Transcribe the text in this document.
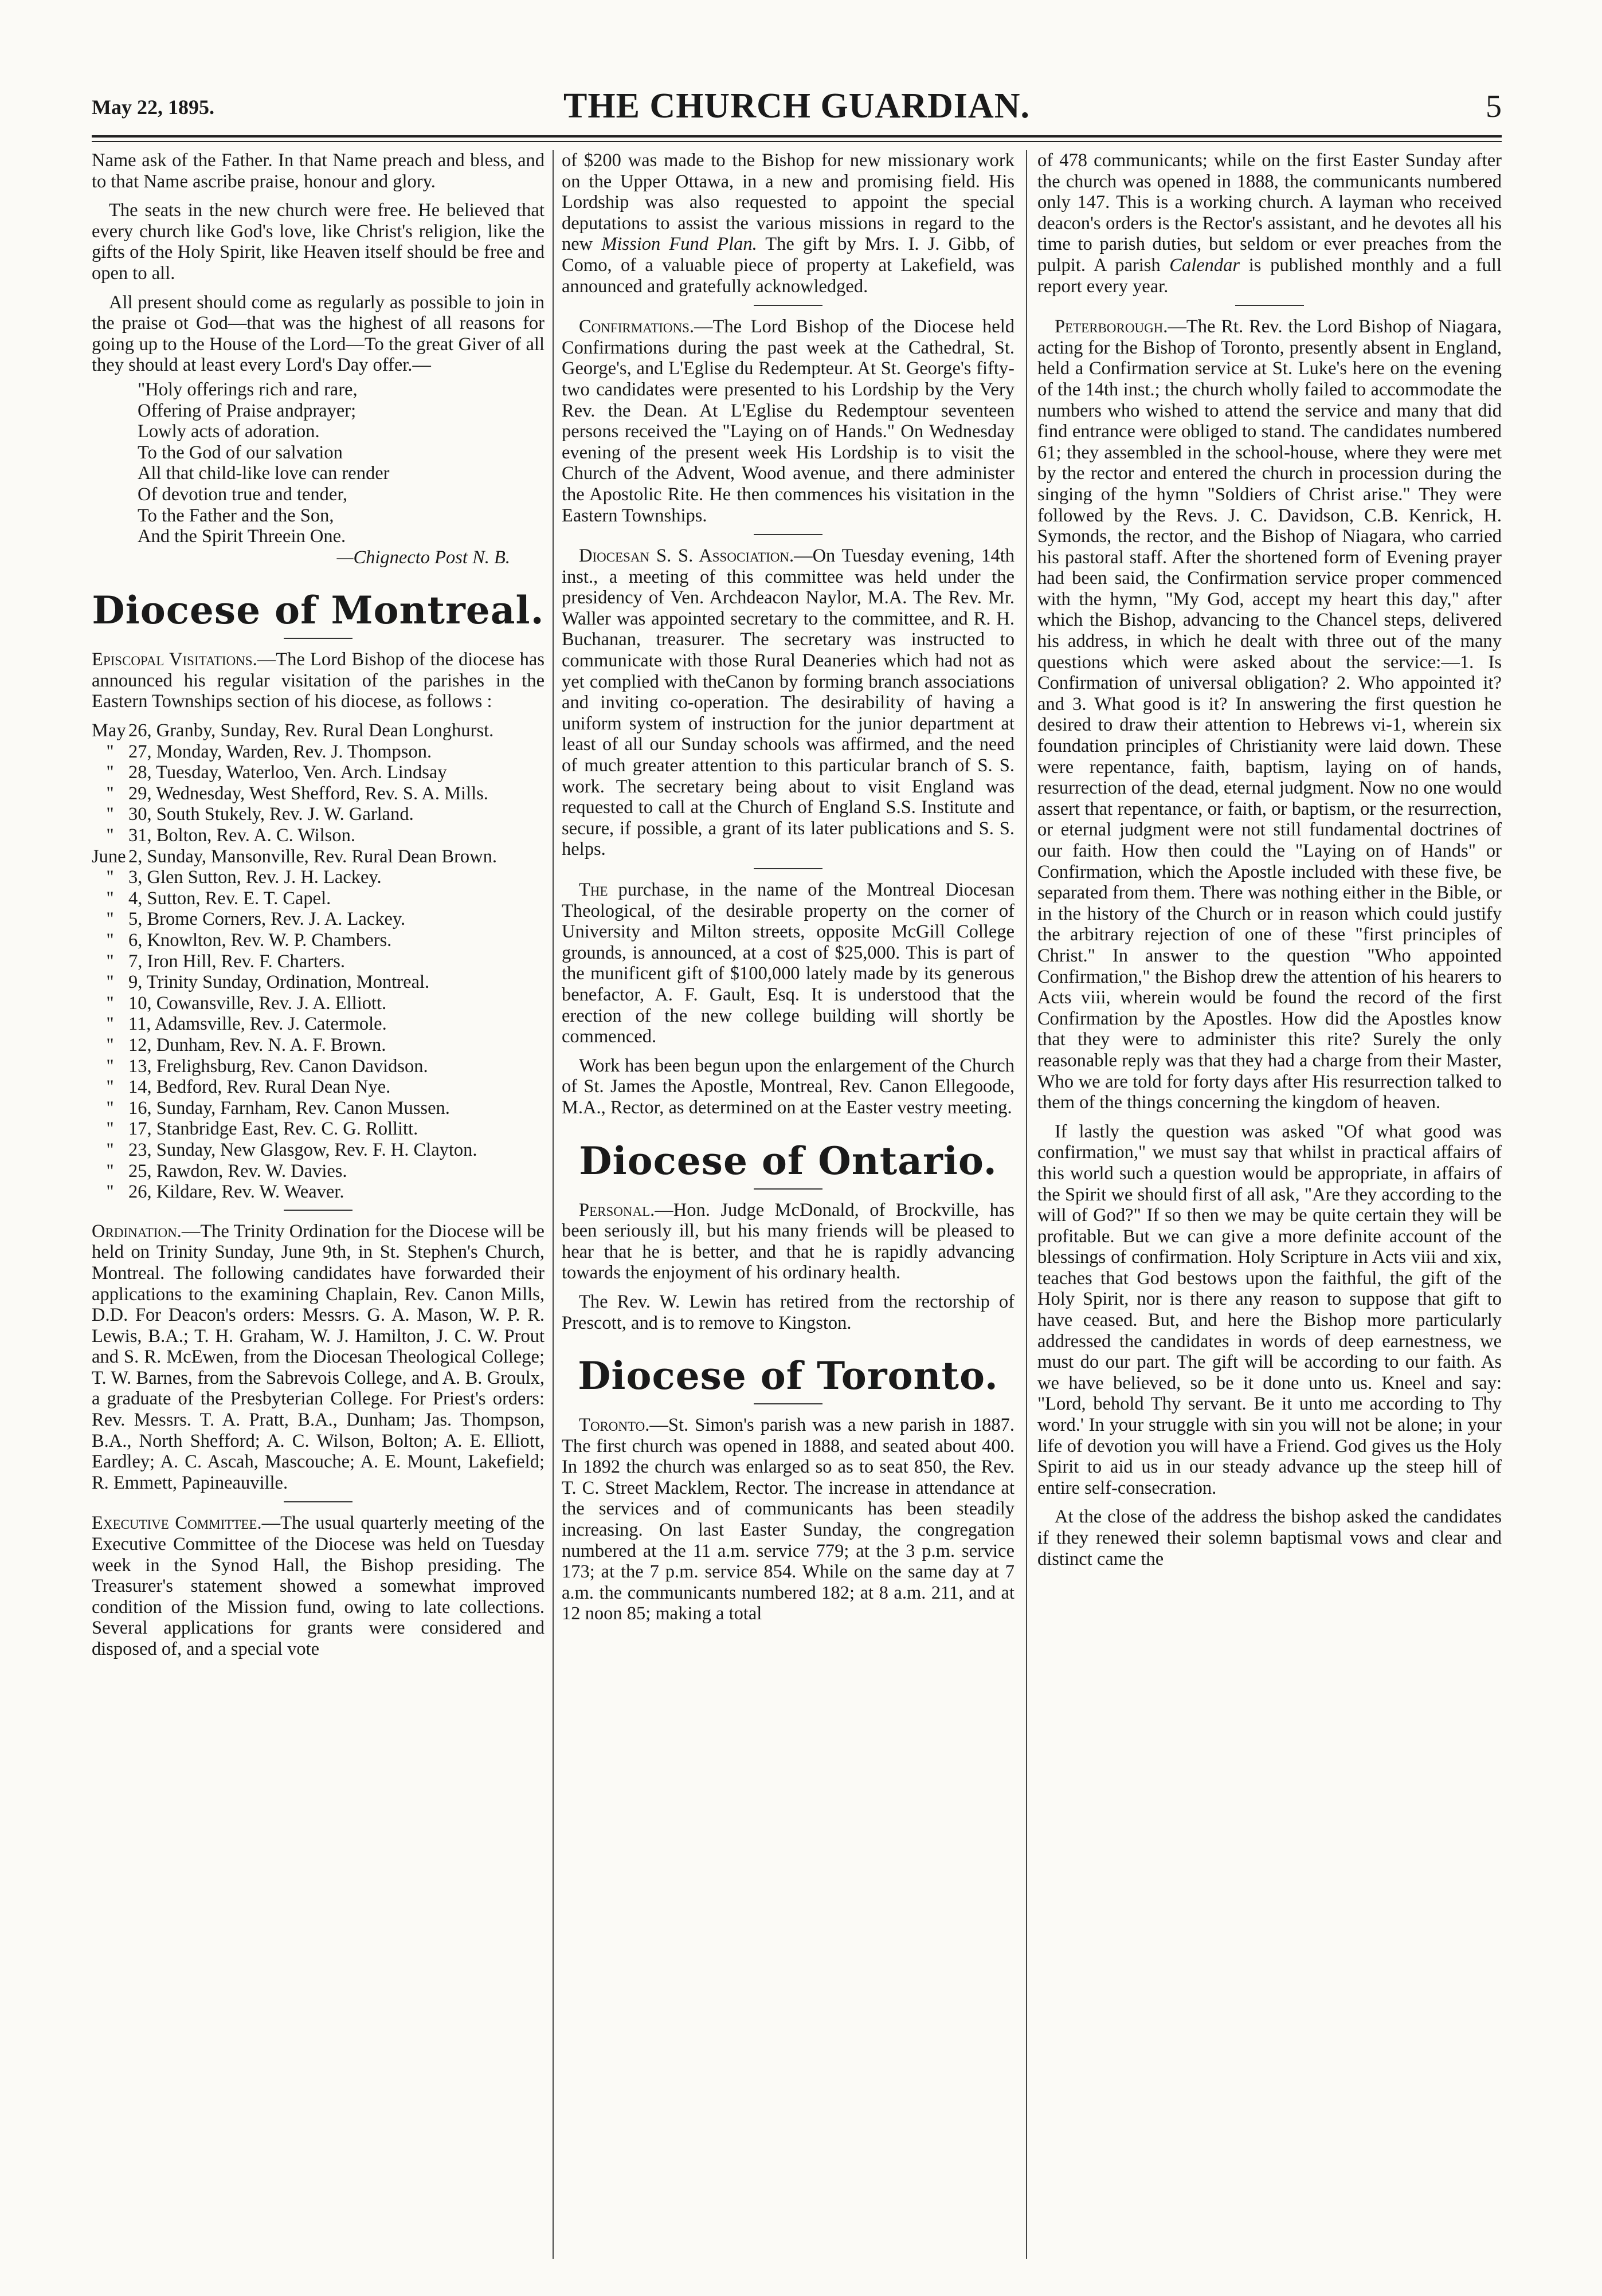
THE CHURCH GUARDIAN.
May 22, 1895.	5

Name ask of the Father. In that Name preach and bless, and to that Name ascribe praise, honour and glory.

The seats in the new church were free. He believed that every church like God's love, like Christ's religion, like the gifts of the Holy Spirit, like Heaven itself should be free and open to all.

All present should come as regularly as possible to join in the praise ot God—that was the highest of all reasons for going up to the House of the Lord—To the great Giver of all they should at least every Lord's Day offer.—

"Holy offerings rich and rare,
Offering of Praise andprayer;
Lowly acts of adoration.
To the God of our salvation
All that child-like love can render
Of devotion true and tender,
To the Father and the Son,
And the Spirit Threein One.
—Chignecto Post N. B.
Diocese of Montreal.

Episcopal Visitations.—The Lord Bishop of the diocese has announced his regular visitation of the parishes in the Eastern Townships section of his diocese, as follows :

May 26, Granby, Sunday, Rev. Rural Dean Longhurst.
" 27, Monday, Warden, Rev. J. Thompson.
" 28, Tuesday, Waterloo, Ven. Arch. Lindsay
" 29, Wednesday, West Shefford, Rev. S. A. Mills.
" 30, South Stukely, Rev. J. W. Garland.
" 31, Bolton, Rev. A. C. Wilson.
June 2, Sunday, Mansonville, Rev. Rural Dean Brown.
" 3, Glen Sutton, Rev. J. H. Lackey.
" 4, Sutton, Rev. E. T. Capel.
" 5, Brome Corners, Rev. J. A. Lackey.
" 6, Knowlton, Rev. W. P. Chambers.
" 7, Iron Hill, Rev. F. Charters.
" 9, Trinity Sunday, Ordination, Montreal.
" 10, Cowansville, Rev. J. A. Elliott.
" 11, Adamsville, Rev. J. Catermole.
" 12, Dunham, Rev. N. A. F. Brown.
" 13, Frelighsburg, Rev. Canon Davidson.
" 14, Bedford, Rev. Rural Dean Nye.
" 16, Sunday, Farnham, Rev. Canon Mussen.
" 17, Stanbridge East, Rev. C. G. Rollitt.
" 23, Sunday, New Glasgow, Rev. F. H. Clayton.
" 25, Rawdon, Rev. W. Davies.
" 26, Kildare, Rev. W. Weaver.

Ordination.—The Trinity Ordination for the Diocese will be held on Trinity Sunday, June 9th, in St. Stephen's Church, Montreal. The following candidates have forwarded their applications to the examining Chaplain, Rev. Canon Mills, D.D. For Deacon's orders: Messrs. G. A. Mason, W. P. R. Lewis, B.A.; T. H. Graham, W. J. Hamilton, J. C. W. Prout and S. R. McEwen, from the Diocesan Theological College; T. W. Barnes, from the Sabrevois College, and A. B. Groulx, a graduate of the Presbyterian College. For Priest's orders: Rev. Messrs. T. A. Pratt, B.A., Dunham; Jas. Thompson, B.A., North Shefford; A. C. Wilson, Bolton; A. E. Elliott, Eardley; A. C. Ascah, Mascouche; A. E. Mount, Lakefield; R. Emmett, Papineauville.

Executive Committee.—The usual quarterly meeting of the Executive Committee of the Diocese was held on Tuesday week in the Synod Hall, the Bishop presiding. The Treasurer's statement showed a somewhat improved condition of the Mission fund, owing to late collections. Several applications for grants were considered and disposed of, and a special vote

of $200 was made to the Bishop for new missionary work on the Upper Ottawa, in a new and promising field. His Lordship was also requested to appoint the special deputations to assist the various missions in regard to the new Mission Fund Plan. The gift by Mrs. I. J. Gibb, of Como, of a valuable piece of property at Lakefield, was announced and gratefully acknowledged.

Confirmations.—The Lord Bishop of the Diocese held Confirmations during the past week at the Cathedral, St. George's, and L'Eglise du Redempteur. At St. George's fifty-two candidates were presented to his Lordship by the Very Rev. the Dean. At L'Eglise du Redemptour seventeen persons received the "Laying on of Hands." On Wednesday evening of the present week His Lordship is to visit the Church of the Advent, Wood avenue, and there administer the Apostolic Rite. He then commences his visitation in the Eastern Townships.

Diocesan S. S. Association.—On Tuesday evening, 14th inst., a meeting of this committee was held under the presidency of Ven. Archdeacon Naylor, M.A. The Rev. Mr. Waller was appointed secretary to the committee, and R. H. Buchanan, treasurer. The secretary was instructed to communicate with those Rural Deaneries which had not as yet complied with theCanon by forming branch associations and inviting co-operation. The desirability of having a uniform system of instruction for the junior department at least of all our Sunday schools was affirmed, and the need of much greater attention to this particular branch of S. S. work. The secretary being about to visit England was requested to call at the Church of England S.S. Institute and secure, if possible, a grant of its later publications and S. S. helps.

The purchase, in the name of the Montreal Diocesan Theological, of the desirable property on the corner of University and Milton streets, opposite McGill College grounds, is announced, at a cost of $25,000. This is part of the munificent gift of $100,000 lately made by its generous benefactor, A. F. Gault, Esq. It is understood that the erection of the new college building will shortly be commenced.

Work has been begun upon the enlargement of the Church of St. James the Apostle, Montreal, Rev. Canon Ellegoode, M.A., Rector, as determined on at the Easter vestry meeting.

Diocese of Ontario.

Personal.—Hon. Judge McDonald, of Brockville, has been seriously ill, but his many friends will be pleased to hear that he is better, and that he is rapidly advancing towards the enjoyment of his ordinary health.

The Rev. W. Lewin has retired from the rectorship of Prescott, and is to remove to Kingston.

Diocese of Toronto.

Toronto.—St. Simon's parish was a new parish in 1887. The first church was opened in 1888, and seated about 400. In 1892 the church was enlarged so as to seat 850, the Rev. T. C. Street Macklem, Rector. The increase in attendance at the services and of communicants has been steadily increasing. On last Easter Sunday, the congregation numbered at the 11 a.m. service 779; at the 3 p.m. service 173; at the 7 p.m. service 854. While on the same day at 7 a.m. the communicants numbered 182; at 8 a.m. 211, and at 12 noon 85; making a total

of 478 communicants; while on the first Easter Sunday after the church was opened in 1888, the communicants numbered only 147. This is a working church. A layman who received deacon's orders is the Rector's assistant, and he devotes all his time to parish duties, but seldom or ever preaches from the pulpit. A parish Calendar is published monthly and a full report every year.

Peterborough.—The Rt. Rev. the Lord Bishop of Niagara, acting for the Bishop of Toronto, presently absent in England, held a Confirmation service at St. Luke's here on the evening of the 14th inst.; the church wholly failed to accommodate the numbers who wished to attend the service and many that did find entrance were obliged to stand. The candidates numbered 61; they assembled in the school-house, where they were met by the rector and entered the church in procession during the singing of the hymn "Soldiers of Christ arise." They were followed by the Revs. J. C. Davidson, C.B. Kenrick, H. Symonds, the rector, and the Bishop of Niagara, who carried his pastoral staff. After the shortened form of Evening prayer had been said, the Confirmation service proper commenced with the hymn, "My God, accept my heart this day," after which the Bishop, advancing to the Chancel steps, delivered his address, in which he dealt with three out of the many questions which were asked about the service:—1. Is Confirmation of universal obligation? 2. Who appointed it? and 3. What good is it? In answering the first question he desired to draw their attention to Hebrews vi-1, wherein six foundation principles of Christianity were laid down. These were repentance, faith, baptism, laying on of hands, resurrection of the dead, eternal judgment. Now no one would assert that repentance, or faith, or baptism, or the resurrection, or eternal judgment were not still fundamental doctrines of our faith. How then could the "Laying on of Hands" or Confirmation, which the Apostle included with these five, be separated from them. There was nothing either in the Bible, or in the history of the Church or in reason which could justify the arbitrary rejection of one of these "first principles of Christ." In answer to the question "Who appointed Confirmation," the Bishop drew the attention of his hearers to Acts viii, wherein would be found the record of the first Confirmation by the Apostles. How did the Apostles know that they were to administer this rite? Surely the only reasonable reply was that they had a charge from their Master, Who we are told for forty days after His resurrection talked to them of the things concerning the kingdom of heaven.

If lastly the question was asked "Of what good was confirmation," we must say that whilst in practical affairs of this world such a question would be appropriate, in affairs of the Spirit we should first of all ask, "Are they according to the will of God?" If so then we may be quite certain they will be profitable. But we can give a more definite account of the blessings of confirmation. Holy Scripture in Acts viii and xix, teaches that God bestows upon the faithful, the gift of the Holy Spirit, nor is there any reason to suppose that gift to have ceased. But, and here the Bishop more particularly addressed the candidates in words of deep earnestness, we must do our part. The gift will be according to our faith. As we have believed, so be it done unto us. Kneel and say: "Lord, behold Thy servant. Be it unto me according to Thy word.' In your struggle with sin you will not be alone; in your life of devotion you will have a Friend. God gives us the Holy Spirit to aid us in our steady advance up the steep hill of entire self-consecration.

At the close of the address the bishop asked the candidates if they renewed their solemn baptismal vows and clear and distinct came the
